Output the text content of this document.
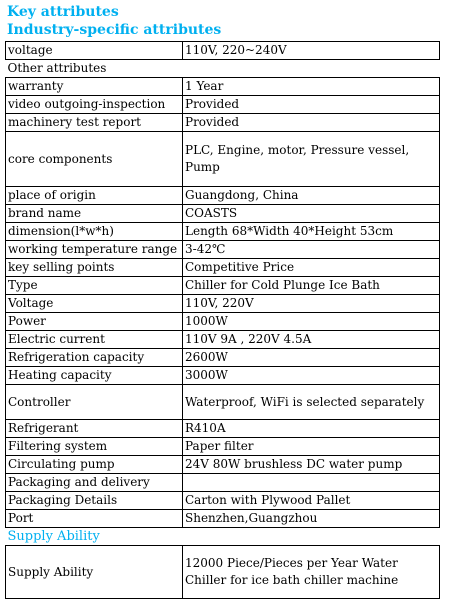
Key attributes
Industry-specific attributes
voltage	110V, 220~240V
Other attributes	
warranty	1 Year
video outgoing-inspection	Provided
machinery test report	Provided
core components	PLC, Engine, motor, Pressure vessel, Pump
place of origin	Guangdong, China
brand name	COASTS
dimension(l*w*h)	Length 68*Width 40*Height 53cm
working temperature range	3-42℃
key selling points	Competitive Price
Type	Chiller for Cold Plunge Ice Bath
Voltage	110V, 220V
Power	1000W
Electric current	110V 9A , 220V 4.5A
Refrigeration capacity	2600W
Heating capacity	3000W
Controller	Waterproof, WiFi is selected separately
Refrigerant	R410A
Filtering system	Paper filter
Circulating pump	24V 80W brushless DC water pump
Packaging and delivery	
Packaging Details	Carton with Plywood Pallet
Port	Shenzhen,Guangzhou
Supply Ability	
Supply Ability	12000 Piece/Pieces per Year Water Chiller for ice bath chiller machine
